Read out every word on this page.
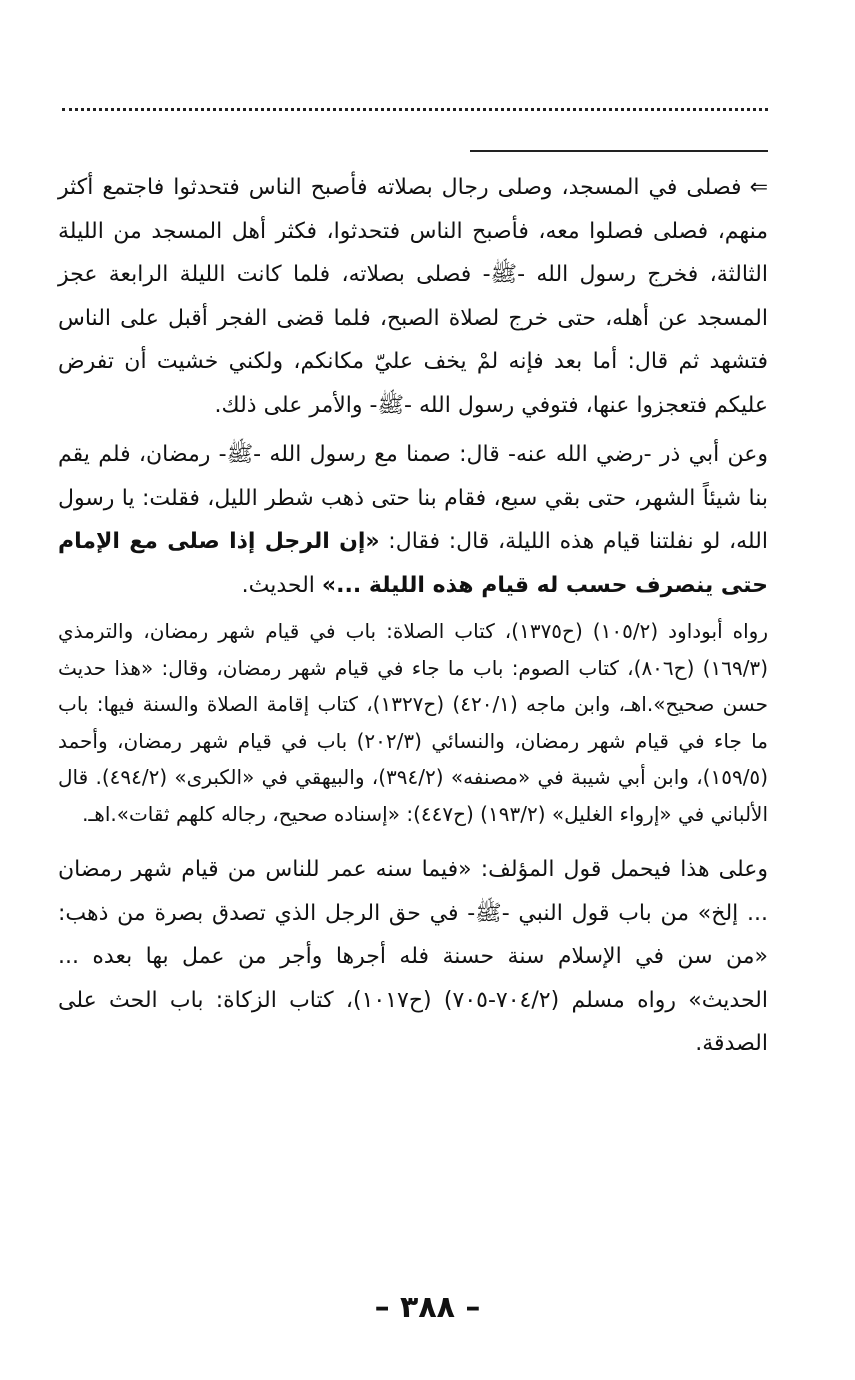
⇐فصلى في المسجد، وصلى رجال بصلاته فأصبح الناس فتحدثوا فاجتمع أكثر منهم، فصلى فصلوا معه، فأصبح الناس فتحدثوا، فكثر أهل المسجد من الليلة الثالثة، فخرج رسول الله -ﷺ- فصلى بصلاته، فلما كانت الليلة الرابعة عجز المسجد عن أهله، حتى خرج لصلاة الصبح، فلما قضى الفجر أقبل على الناس فتشهد ثم قال: أما بعد فإنه لمْ يخف عليّ مكانكم، ولكني خشيت أن تفرض عليكم فتعجزوا عنها، فتوفي رسول الله -ﷺ- والأمر على ذلك.

وعن أبي ذر -رضي الله عنه- قال: صمنا مع رسول الله -ﷺ- رمضان، فلم يقم بنا شيئاً الشهر، حتى بقي سبع، فقام بنا حتى ذهب شطر الليل، فقلت: يا رسول الله، لو نفلتنا قيام هذه الليلة، قال: فقال: «إن الرجل إذا صلى مع الإمام حتى ينصرف حسب له قيام هذه الليلة ...» الحديث.

رواه أبوداود (١٠٥/٢) (ح١٣٧٥)، كتاب الصلاة: باب في قيام شهر رمضان، والترمذي (١٦٩/٣) (ح٨٠٦)، كتاب الصوم: باب ما جاء في قيام شهر رمضان، وقال: «هذا حديث حسن صحيح».اهـ، وابن ماجه (٤٢٠/١) (ح١٣٢٧)، كتاب إقامة الصلاة والسنة فيها: باب ما جاء في قيام شهر رمضان، والنسائي (٢٠٢/٣) باب في قيام شهر رمضان، وأحمد (١٥٩/٥)، وابن أبي شيبة في «مصنفه» (٣٩٤/٢)، والبيهقي في «الكبرى» (٤٩٤/٢). قال الألباني في «إرواء الغليل» (١٩٣/٢) (ح٤٤٧): «إسناده صحيح، رجاله كلهم ثقات».اهـ.

وعلى هذا فيحمل قول المؤلف: «فيما سنه عمر للناس من قيام شهر رمضان ... إلخ» من باب قول النبي -ﷺ- في حق الرجل الذي تصدق بصرة من ذهب: «من سن في الإسلام سنة حسنة فله أجرها وأجر من عمل بها بعده ... الحديث» رواه مسلم (٧٠٤/٢-٧٠٥) (ح١٠١٧)، كتاب الزكاة: باب الحث على الصدقة.

– ٣٨٨ –
